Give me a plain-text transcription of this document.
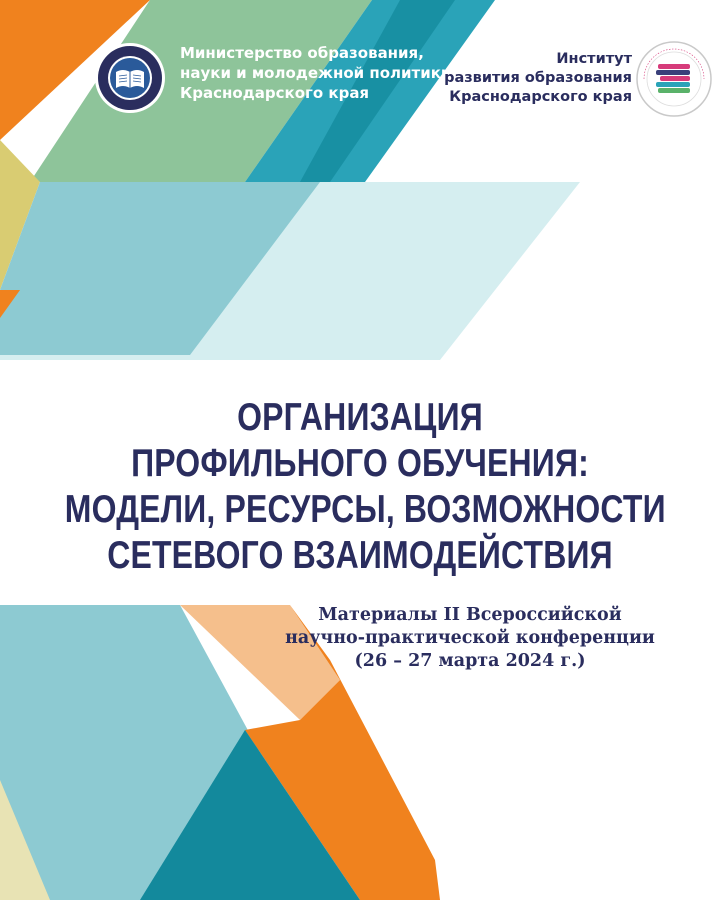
Министерство образования,
науки и молодежной политики
Краснодарского края
Институт
развития образования
Краснодарского края
ОРГАНИЗАЦИЯ
ПРОФИЛЬНОГО ОБУЧЕНИЯ:
МОДЕЛИ, РЕСУРСЫ, ВОЗМОЖНОСТИ
СЕТЕВОГО ВЗАИМОДЕЙСТВИЯ
Материалы II Всероссийской
научно-практической конференции
(26 – 27 марта 2024 г.)
